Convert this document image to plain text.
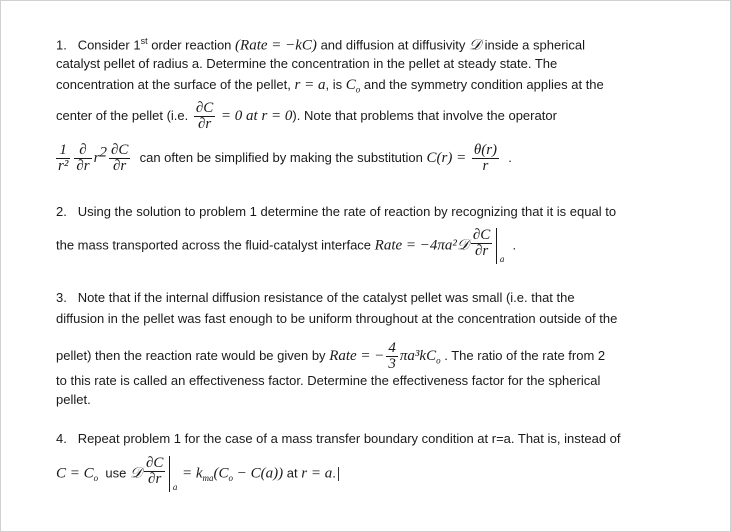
1. Consider 1st order reaction (Rate = −kC) and diffusion at diffusivity 𝒟 inside a spherical
catalyst pellet of radius a. Determine the concentration in the pellet at steady state. The
concentration at the surface of the pellet, r = a, is $C_o$ and the symmetry condition applies at the
center of the pellet (i.e. $\frac{\partial C}{\partial r} = 0$ at r = 0). Note that problems that involve the operator
$\frac{1}{\text{r²}} \frac{\partial}{\partial r} r^2 \frac{\partial C}{\partial r}$ can often be simplified by making the substitution $C(r) = \frac{\theta(r)}{r}$ .
2. Using the solution to problem 1 determine the rate of reaction by recognizing that it is equal to
the mass transported across the fluid-catalyst interface Rate = −4πa²𝒟 $\frac{\partial C}{\partial r}$ a
.
3. Note that if the internal diffusion resistance of the catalyst pellet was small (i.e. that the
diffusion in the pellet was fast enough to be uniform throughout at the concentration outside of the
pellet) then the reaction rate would be given by Rate = − $\frac{4}{3} \pi a^3kC_o$ . The ratio of the rate from 2
to this rate is called an effectiveness factor. Determine the effectiveness factor for the spherical
pellet.
4. Repeat problem 1 for the case of a mass transfer boundary condition at r=a. That is, instead of
$C = C_o$ use 𝒟 $\frac{\partial C}{\partial r}$ a
= $k_{ma}(C_o - C(a))$ at r = a.
